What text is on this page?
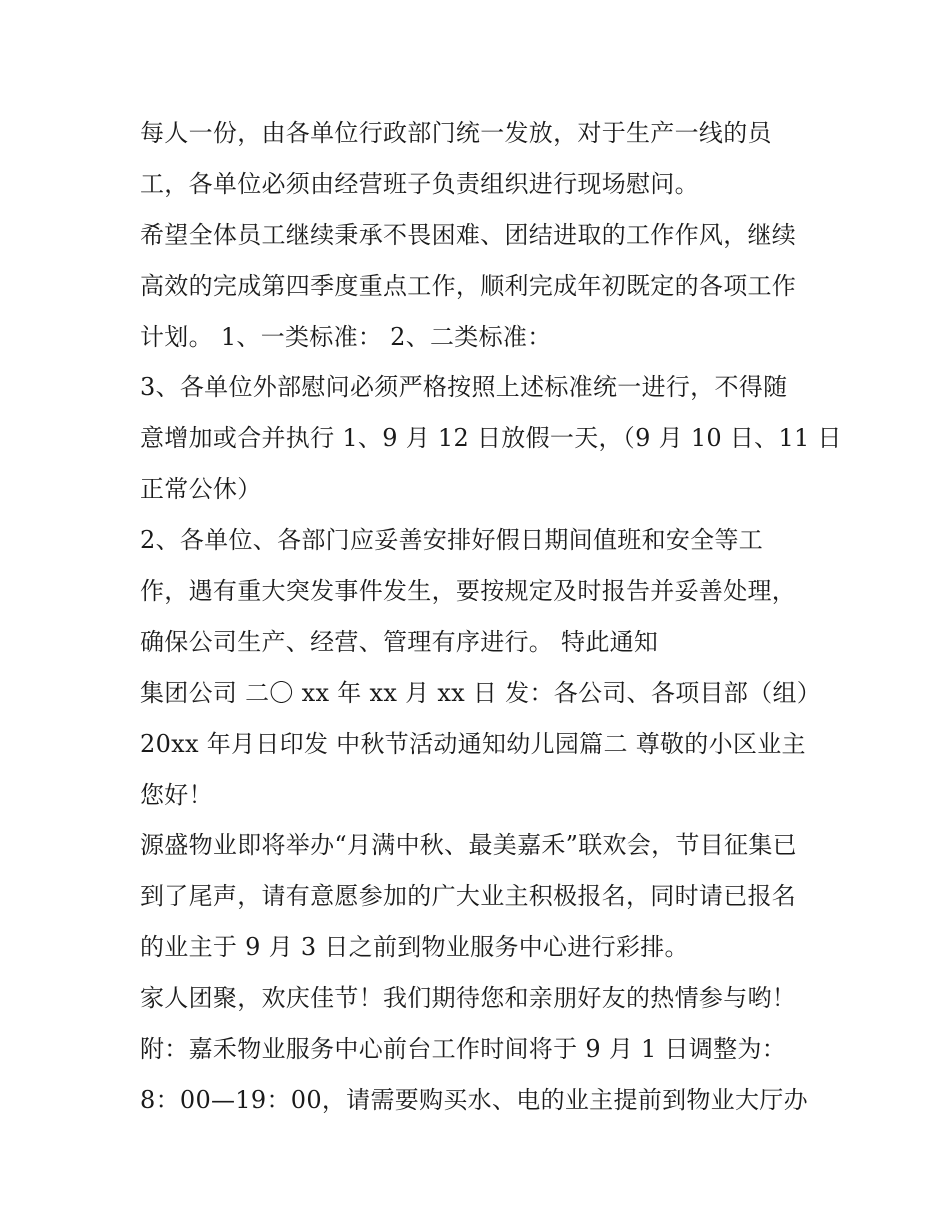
每人一份，由各单位行政部门统一发放，对于生产一线的员
工，各单位必须由经营班子负责组织进行现场慰问。
希望全体员工继续秉承不畏困难、团结进取的工作作风，继续
高效的完成第四季度重点工作，顺利完成年初既定的各项工作
计划。 1、一类标准： 2、二类标准：
3、各单位外部慰问必须严格按照上述标准统一进行，不得随
意增加或合并执行 1、9 月 12 日放假一天，（9 月 10 日、11 日
正常公休）
2、各单位、各部门应妥善安排好假日期间值班和安全等工
作，遇有重大突发事件发生，要按规定及时报告并妥善处理，
确保公司生产、经营、管理有序进行。 特此通知
集团公司 二〇 xx 年 xx 月 xx 日 发：各公司、各项目部（组）
20xx 年月日印发 中秋节活动通知幼儿园篇二 尊敬的小区业主
您好！
源盛物业即将举办“月满中秋、最美嘉禾”联欢会，节目征集已
到了尾声，请有意愿参加的广大业主积极报名，同时请已报名
的业主于 9 月 3 日之前到物业服务中心进行彩排。
家人团聚，欢庆佳节！我们期待您和亲朋好友的热情参与哟！
附：嘉禾物业服务中心前台工作时间将于 9 月 1 日调整为：
8：00—19：00，请需要购买水、电的业主提前到物业大厅办
